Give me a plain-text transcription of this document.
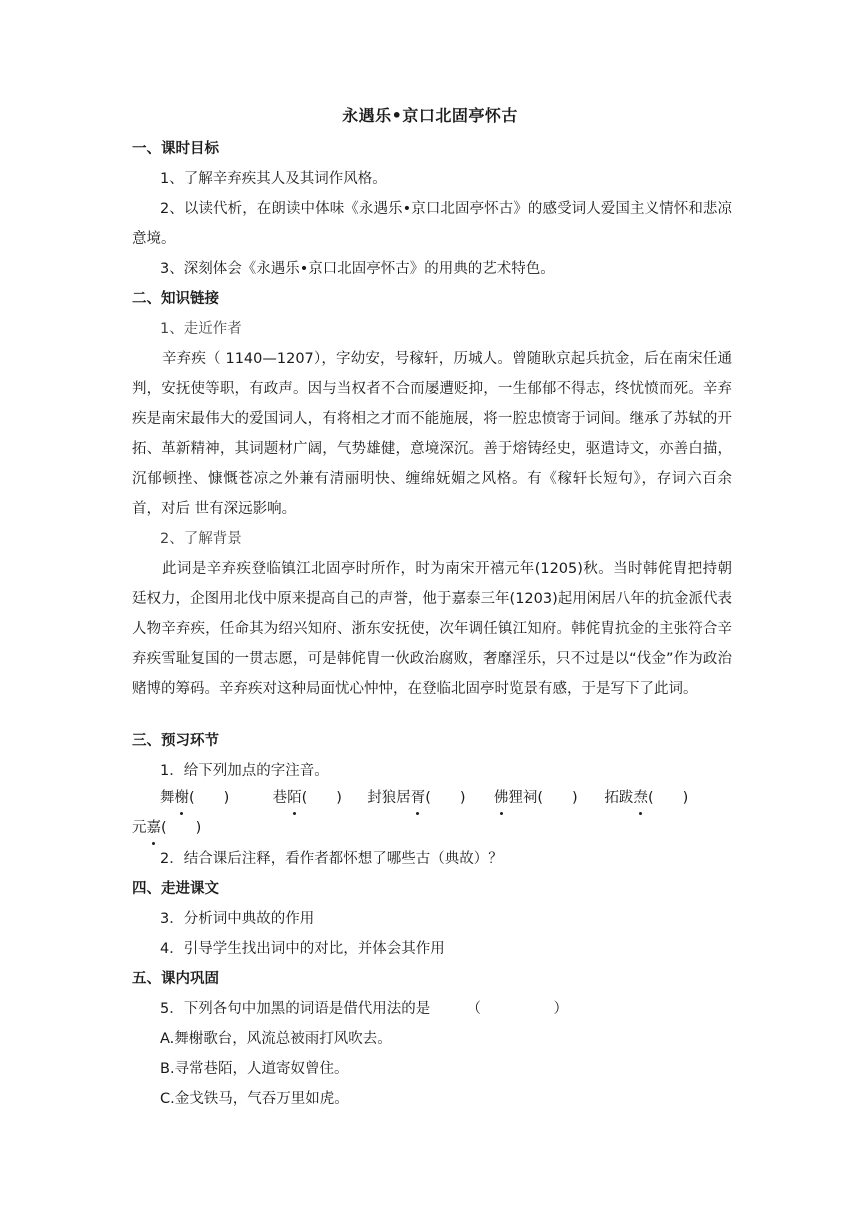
永遇乐•京口北固亭怀古

一、课时目标

1、了解辛弃疾其人及其词作风格。

2、以读代析，在朗读中体味《永遇乐•京口北固亭怀古》的感受词人爱国主义情怀和悲凉意境。

3、深刻体会《永遇乐•京口北固亭怀古》的用典的艺术特色。

二、知识链接

1、走近作者

辛弃疾（ 1140—1207），字幼安，号稼轩，历城人。曾随耿京起兵抗金，后在南宋任通判，安抚使等职，有政声。因与当权者不合而屡遭贬抑，一生郁郁不得志，终忧愤而死。辛弃疾是南宋最伟大的爱国词人，有将相之才而不能施展，将一腔忠愤寄于词间。继承了苏轼的开拓、革新精神，其词题材广阔，气势雄健，意境深沉。善于熔铸经史，驱遣诗文，亦善白描，沉郁顿挫、慷慨苍凉之外兼有清丽明快、缠绵妩媚之风格。有《稼轩长短句》，存词六百余首，对后 世有深远影响。

2、了解背景

此词是辛弃疾登临镇江北固亭时所作，时为南宋开禧元年(1205)秋。当时韩侂胄把持朝廷权力，企图用北伐中原来提高自己的声誉，他于嘉泰三年(1203)起用闲居八年的抗金派代表人物辛弃疾，任命其为绍兴知府、浙东安抚使，次年调任镇江知府。韩侂胄抗金的主张符合辛弃疾雪耻复国的一贯志愿，可是韩侂胄一伙政治腐败，奢靡淫乐，只不过是以“伐金”作为政治赌博的筹码。辛弃疾对这种局面忧心忡忡，在登临北固亭时览景有感，于是写下了此词。

三、预习环节

1．给下列加点的字注音。

舞榭(　　)	巷陌(　　) 封狼居胥(　　) 佛狸祠(　　) 拓跋焘(　　)
元嘉(　　)

2．结合课后注释，看作者都怀想了哪些古（典故）？

四、走进课文

3．分析词中典故的作用

4．引导学生找出词中的对比，并体会其作用

五、课内巩固

5．下列各句中加黑的词语是借代用法的是　　　（　　　　　）

A.舞榭歌台，风流总被雨打风吹去。

B.寻常巷陌，人道寄奴曾住。

C.金戈铁马，气吞万里如虎。
